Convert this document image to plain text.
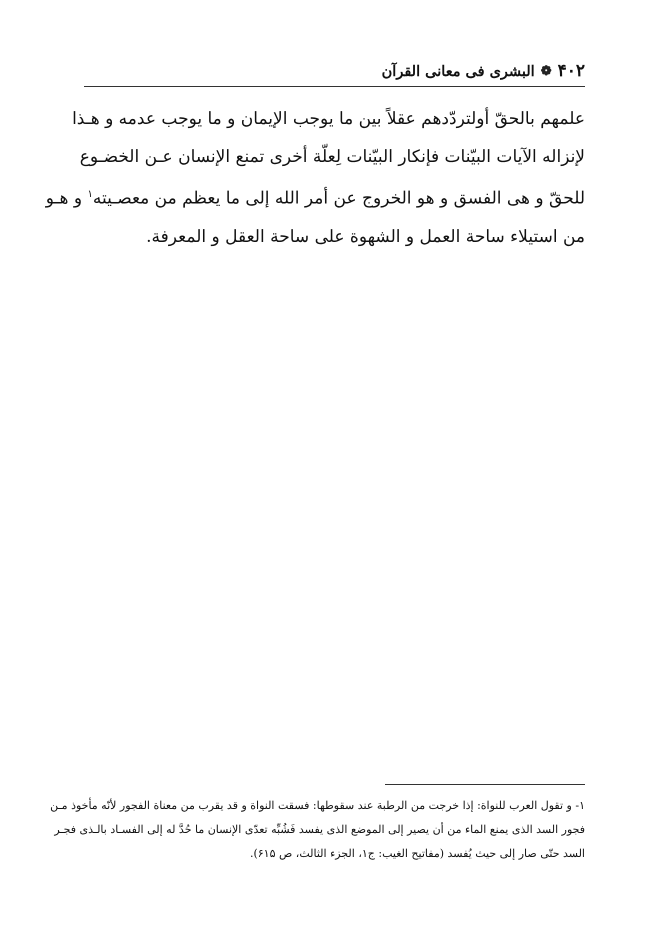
۴۰۲
❁
البشرى فى معانى القرآن
علمهم بالحقّ أولتردّدهم عقلاً بين ما يوجب الإيمان و ما يوجب عدمه و هـذا
لإنزاله الآيات البيّنات فإنكار البيّنات لِعلّة أخرى تمنع الإنسان عـن الخضـوع
للحقّ و هى الفسق و هو الخروج عن أمر الله إلى ما يعظم من معصـيته$^۱$ و هـو
من استيلاء ساحة العمل و الشهوة على ساحة العقل و المعرفة.
۱- و تقول العرب للنواة: إذا خرجت من الرطبة عند سقوطها: فسقت النواة و قد يقرب من معناة الفجور لأنّه مأخوذ مـن
فجور السد الذى يمنع الماء من أن يصير إلى الموضع الذى يفسد فَشُبِّه تعدّى الإنسان ما حُدَّ له إلى الفسـاد بالـذى فجـر
السد حتّى صار إلى حيث يُفسد (مفاتيح الغيب: ج۱، الجزء الثالث، ص ۶۱۵).
